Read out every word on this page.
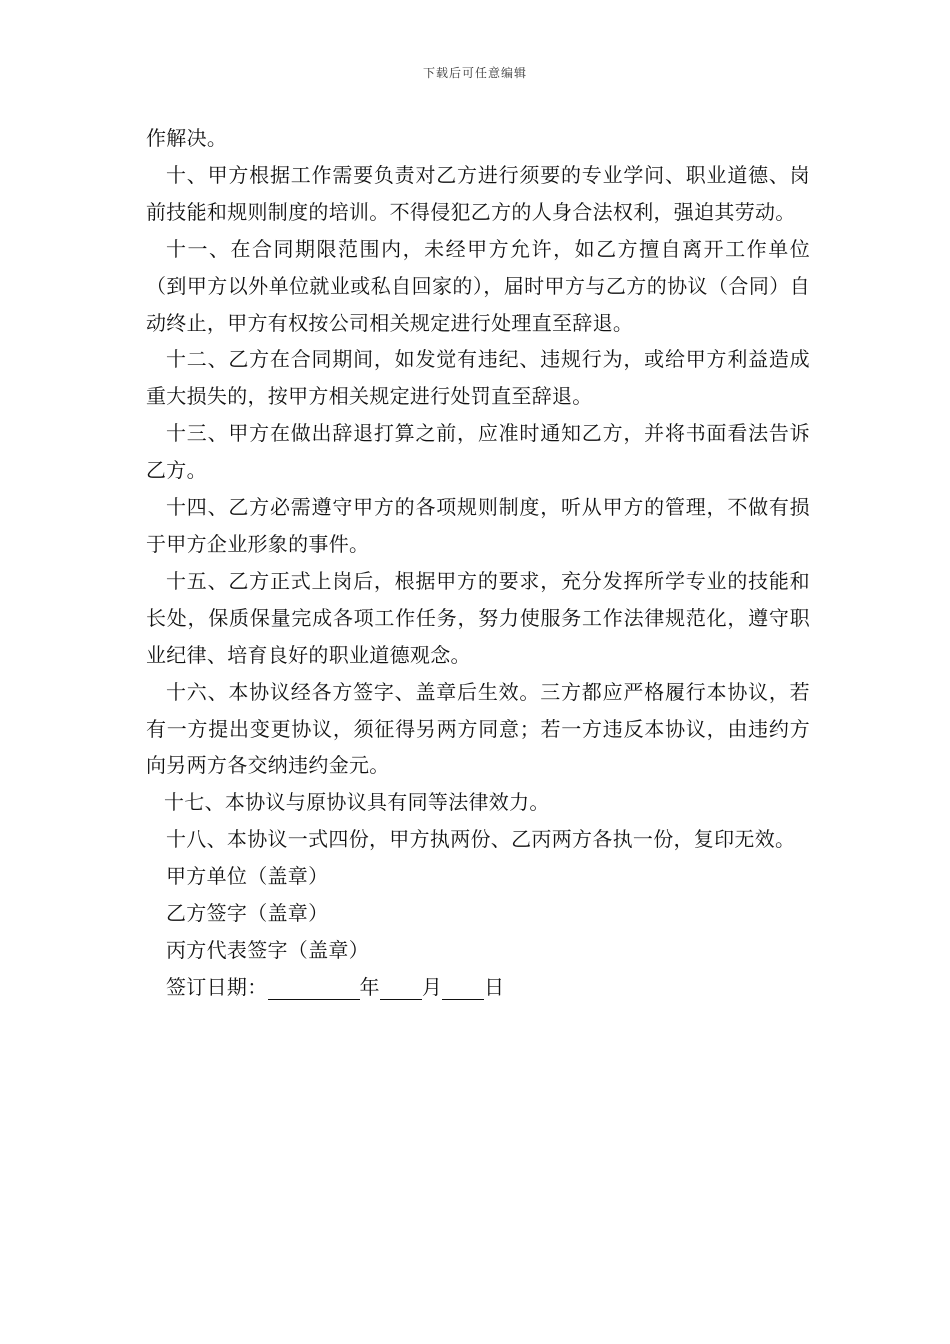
下载后可任意编辑

作解决。

十、甲方根据工作需要负责对乙方进行须要的专业学问、职业道德、岗前技能和规则制度的培训。不得侵犯乙方的人身合法权利，强迫其劳动。

十一、在合同期限范围内，未经甲方允许，如乙方擅自离开工作单位（到甲方以外单位就业或私自回家的），届时甲方与乙方的协议（合同）自动终止，甲方有权按公司相关规定进行处理直至辞退。

十二、乙方在合同期间，如发觉有违纪、违规行为，或给甲方利益造成重大损失的，按甲方相关规定进行处罚直至辞退。

十三、甲方在做出辞退打算之前，应准时通知乙方，并将书面看法告诉乙方。

十四、乙方必需遵守甲方的各项规则制度，听从甲方的管理，不做有损于甲方企业形象的事件。

十五、乙方正式上岗后，根据甲方的要求，充分发挥所学专业的技能和长处，保质保量完成各项工作任务，努力使服务工作法律规范化，遵守职业纪律、培育良好的职业道德观念。

十六、本协议经各方签字、盖章后生效。三方都应严格履行本协议，若有一方提出变更协议，须征得另两方同意；若一方违反本协议，由违约方向另两方各交纳违约金元。

十七、本协议与原协议具有同等法律效力。

十八、本协议一式四份，甲方执两份、乙丙两方各执一份，复印无效。

甲方单位（盖章）

乙方签字（盖章）

丙方代表签字（盖章）

签订日期：	年 月 日
